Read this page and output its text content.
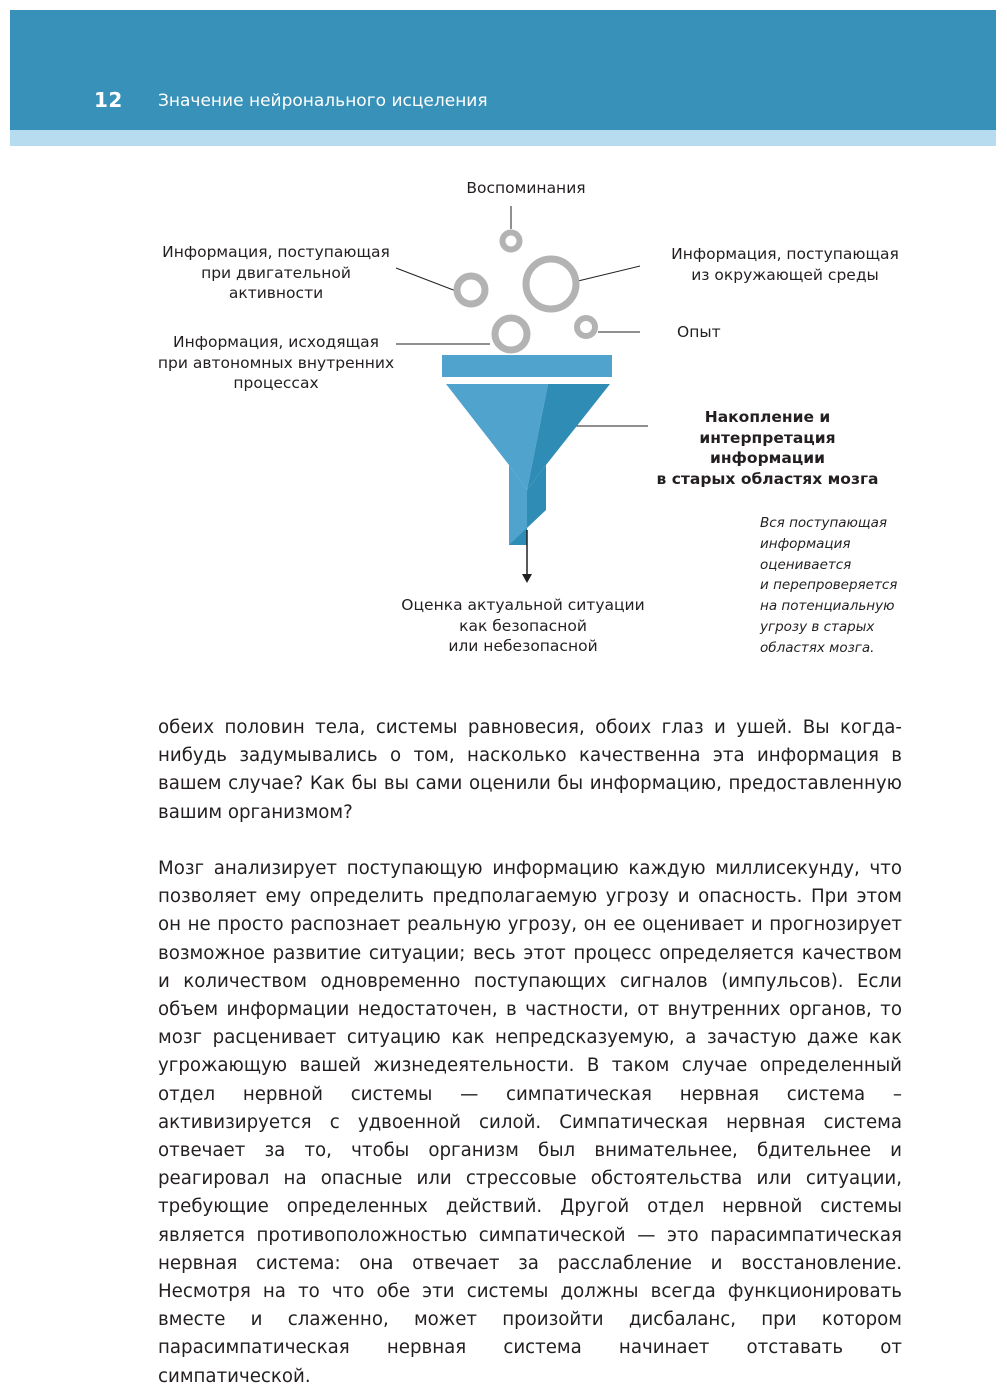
12 Значение нейронального исцеления
Воспоминания
Информация, поступающая
при двигательной
активности
Информация, поступающая
из окружающей среды
Информация, исходящая
при автономных внутренних
процессах
Опыт
Накопление и
интерпретация информации
в старых областях мозга
Оценка актуальной ситуации
как безопасной
или небезопасной
Вся поступающая
информация
оценивается
и перепроверяется
на потенциальную
угрозу в старых
областях мозга.

обеих половин тела, системы равновесия, обоих глаз и ушей. Вы когда-нибудь задумывались о том, насколько качественна эта информация в вашем случае? Как бы вы сами оценили бы информацию, предоставленную вашим организмом?

Мозг анализирует поступающую информацию каждую миллисекунду, что позволяет ему определить предполагаемую угрозу и опасность. При этом он не просто распознает реальную угрозу, он ее оценивает и прогнозирует возможное развитие ситуации; весь этот процесс определяется качеством и количеством одновременно поступающих сигналов (импульсов). Если объем информации недостаточен, в частности, от внутренних органов, то мозг расценивает ситуацию как непредсказуемую, а зачастую даже как угрожающую вашей жизнедеятельности. В таком случае определенный отдел нервной системы — симпатическая нервная система – активизируется с удвоенной силой. Симпатическая нервная система отвечает за то, чтобы организм был внимательнее, бдительнее и реагировал на опасные или стрессовые обстоятельства или ситуации, требующие определенных действий. Другой отдел нервной системы является противоположностью симпатической — это парасимпатическая нервная система: она отвечает за расслабление и восстановление. Несмотря на то что обе эти системы должны всегда функционировать вместе и слаженно, может произойти дисбаланс, при котором парасимпатическая нервная система начинает отставать от симпатической.
